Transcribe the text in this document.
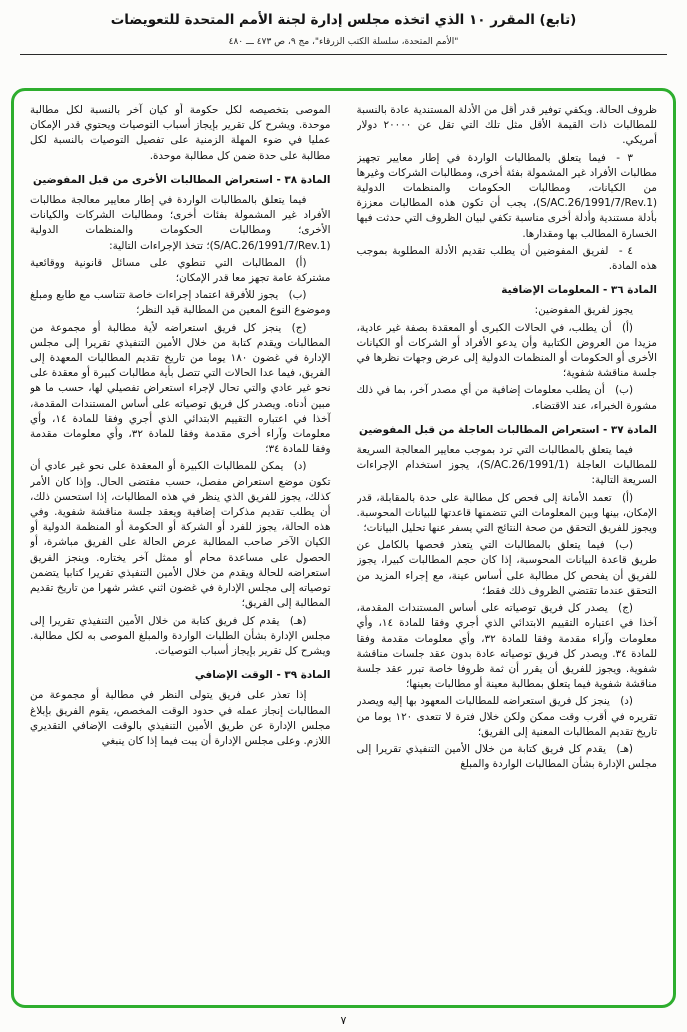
(تابع) المقرر ١٠ الذي اتخذه مجلس إدارة لجنة الأمم المتحدة للتعويضات
"الأمم المتحدة، سلسلة الكتب الزرقاء"، مج ٩، ص ٤٧٣ ـــ ٤٨٠
ظروف الحالة. ويكفي توفير قدر أقل من الأدلة المستندية عادة بالنسبة للمطالبات ذات القيمة الأقل مثل تلك التي تقل عن ٢٠٠٠٠ دولار أمريكي.
٣ - فيما يتعلق بالمطالبات الواردة في إطار معايير تجهيز مطالبات الأفراد غير المشمولة بفئة أخرى، ومطالبات الشركات وغيرها من الكيانات، ومطالبات الحكومات والمنظمات الدولية (S/AC.26/1991/7/Rev.1)، يجب أن تكون هذه المطالبات معززة بأدلة مستندية وأدلة أخرى مناسبة تكفي لبيان الظروف التي حدثت فيها الخسارة المطالب بها ومقدارها.
٤ - لفريق المفوضين أن يطلب تقديم الأدلة المطلوبة بموجب هذه المادة.
المادة ٣٦ - المعلومات الإضافية
يجوز لفريق المفوضين:
(أ) أن يطلب، في الحالات الكبرى أو المعقدة بصفة غير عادية، مزيدا من العروض الكتابية وأن يدعو الأفراد أو الشركات أو الكيانات الأخرى أو الحكومات أو المنظمات الدولية إلى عرض وجهات نظرها في جلسة مناقشة شفوية؛
(ب) أن يطلب معلومات إضافية من أي مصدر آخر، بما في ذلك مشورة الخبراء، عند الاقتضاء.
المادة ٣٧ - استعراض المطالبات العاجلة من قبل المفوضين
فيما يتعلق بالمطالبات التي ترد بموجب معايير المعالجة السريعة للمطالبات العاجلة (S/AC.26/1991/1)، يجوز استخدام الإجراءات السريعة التالية:
(أ) تعمد الأمانة إلى فحص كل مطالبة على حدة بالمقابلة، قدر الإمكان، بينها وبين المعلومات التي تتضمنها قاعدتها للبيانات المحوسبة. ويجوز للفريق التحقق من صحة النتائج التي يسفر عنها تحليل البيانات؛
(ب) فيما يتعلق بالمطالبات التي يتعذر فحصها بالكامل عن طريق قاعدة البيانات المحوسبة، إذا كان حجم المطالبات كبيرا، يجوز للفريق أن يفحص كل مطالبة على أساس عينة، مع إجراء المزيد من التحقق عندما تقتضي الظروف ذلك فقط؛
(ج) يصدر كل فريق توصياته على أساس المستندات المقدمة، آخذا في اعتباره التقييم الابتدائي الذي أجري وفقا للمادة ١٤، وأي معلومات وآراء مقدمة وفقا للمادة ٣٢، وأي معلومات مقدمة وفقا للمادة ٣٤. ويصدر كل فريق توصياته عادة بدون عقد جلسات مناقشة شفوية. ويجوز للفريق أن يقرر أن ثمة ظروفا خاصة تبرر عقد جلسة مناقشة شفوية فيما يتعلق بمطالبة معينة أو مطالبات بعينها؛
(د) ينجز كل فريق استعراضه للمطالبات المعهود بها إليه ويصدر تقريره في أقرب وقت ممكن ولكن خلال فترة لا تتعدى ١٢٠ يوما من تاريخ تقديم المطالبات المعنية إلى الفريق؛
(هـ) يقدم كل فريق كتابة من خلال الأمين التنفيذي تقريرا إلى مجلس الإدارة بشأن المطالبات الواردة والمبلغ
الموصى بتخصيصه لكل حكومة أو كيان آخر بالنسبة لكل مطالبة موحدة. ويشرح كل تقرير بإيجاز أسباب التوصيات ويحتوي قدر الإمكان عمليا في ضوء المهلة الزمنية على تفصيل التوصيات بالنسبة لكل مطالبة على حدة ضمن كل مطالبة موحدة.
المادة ٣٨ - استعراض المطالبات الأخرى من قبل المفوضين
فيما يتعلق بالمطالبات الواردة في إطار معايير معالجة مطالبات الأفراد غير المشمولة بفئات أخرى؛ ومطالبات الشركات والكيانات الأخرى؛ ومطالبات الحكومات والمنظمات الدولية (S/AC.26/1991/7/Rev.1)؛ تتخذ الإجراءات التالية:
(أ) المطالبات التي تنطوي على مسائل قانونية ووقائعية مشتركة عامة تجهز معا قدر الإمكان؛
(ب) يجوز للأفرقة اعتماد إجراءات خاصة تتناسب مع طابع ومبلغ وموضوع النوع المعين من المطالبة قيد النظر؛
(ج) ينجز كل فريق استعراضه لأية مطالبة أو مجموعة من المطالبات ويقدم كتابة من خلال الأمين التنفيذي تقريرا إلى مجلس الإدارة في غضون ١٨٠ يوما من تاريخ تقديم المطالبات المعهدة إلى الفريق، فيما عدا الحالات التي تتصل بأية مطالبات كبيرة أو معقدة على نحو غير عادي والتي تحال لإجراء استعراض تفصيلي لها، حسب ما هو مبين أدناه. ويصدر كل فريق توصياته على أساس المستندات المقدمة، آخذا في اعتباره التقييم الابتدائي الذي أجري وفقا للمادة ١٤، وأي معلومات وآراء أخرى مقدمة وفقا للمادة ٣٢، وأي معلومات مقدمة وفقا للمادة ٣٤؛
(د) يمكن للمطالبات الكبيرة أو المعقدة على نحو غير عادي أن تكون موضع استعراض مفصل، حسب مقتضى الحال. وإذا كان الأمر كذلك، يجوز للفريق الذي ينظر في هذه المطالبات، إذا استحسن ذلك، أن يطلب تقديم مذكرات إضافية ويعقد جلسة مناقشة شفوية. وفي هذه الحالة، يجوز للفرد أو الشركة أو الحكومة أو المنظمة الدولية أو الكيان الآخر صاحب المطالبة عرض الحالة على الفريق مباشرة، أو الحصول على مساعدة محام أو ممثل آخر يختاره. وينجز الفريق استعراضه للحالة ويقدم من خلال الأمين التنفيذي تقريرا كتابيا يتضمن توصياته إلى مجلس الإدارة في غضون اثني عشر شهرا من تاريخ تقديم المطالبة إلى الفريق؛
(هـ) يقدم كل فريق كتابة من خلال الأمين التنفيذي تقريرا إلى مجلس الإدارة بشأن الطلبات الواردة والمبلغ الموصى به لكل مطالبة. ويشرح كل تقرير بإيجاز أسباب التوصيات.
المادة ٣٩ - الوقت الإضافي
إذا تعذر على فريق يتولى النظر في مطالبة أو مجموعة من المطالبات إنجاز عمله في حدود الوقت المخصص، يقوم الفريق بإبلاغ مجلس الإدارة عن طريق الأمين التنفيذي بالوقت الإضافي التقديري اللازم. وعلى مجلس الإدارة أن يبت فيما إذا كان ينبغي
٧
